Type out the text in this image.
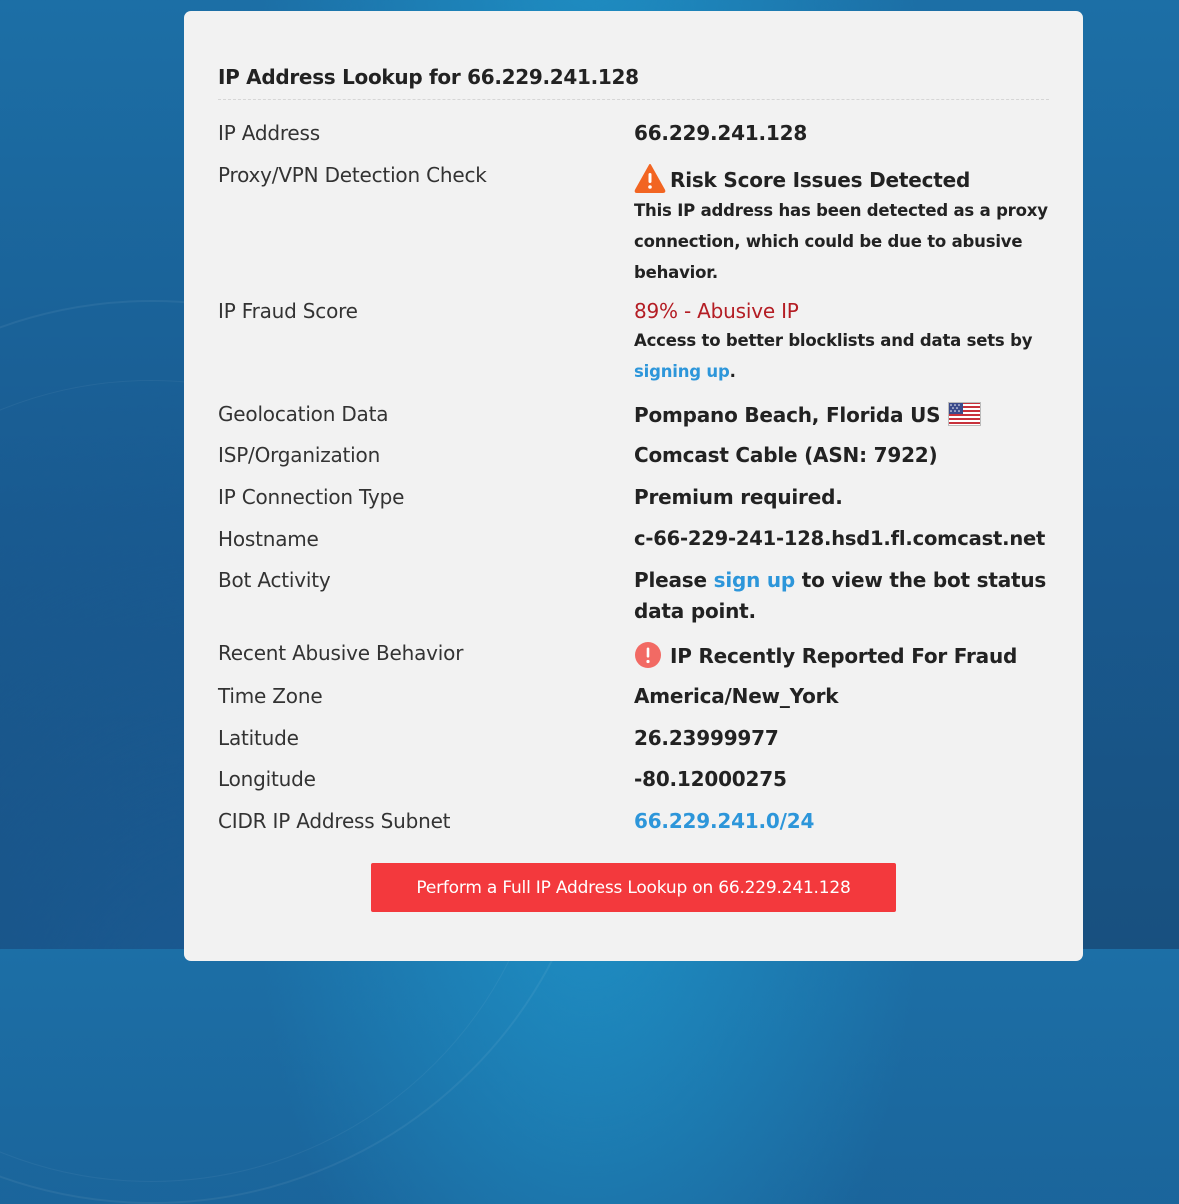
IP Address Lookup for 66.229.241.128
IP Address	66.229.241.128
Proxy/VPN Detection Check	Risk Score Issues Detected
This IP address has been detected as a proxy connection, which could be due to abusive behavior.
IP Fraud Score	89% - Abusive IP
Access to better blocklists and data sets by signing up.
Geolocation Data	Pompano Beach, Florida US
ISP/Organization	Comcast Cable (ASN: 7922)
IP Connection Type	Premium required.
Hostname	c-66-229-241-128.hsd1.fl.comcast.net
Bot Activity	Please sign up to view the bot status data point.
Recent Abusive Behavior	IP Recently Reported For Fraud
Time Zone	America/New_York
Latitude	26.23999977
Longitude	-80.12000275
CIDR IP Address Subnet	66.229.241.0/24
Perform a Full IP Address Lookup on 66.229.241.128
